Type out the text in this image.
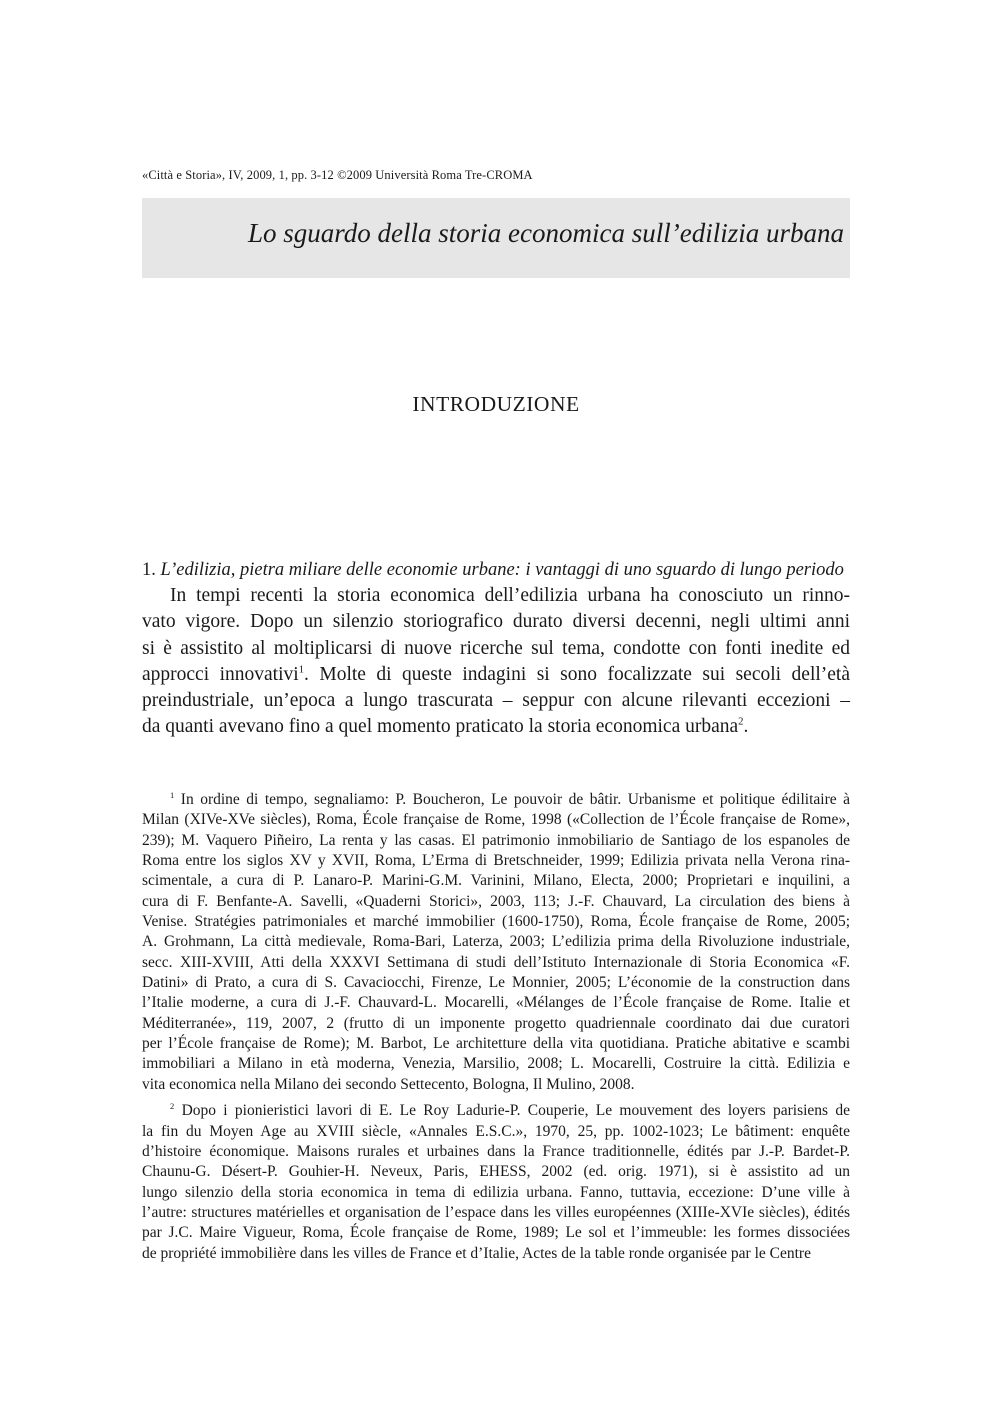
«Città e Storia», IV, 2009, 1, pp. 3-12 ©2009 Università Roma Tre-CROMA
Lo sguardo della storia economica sull’edilizia urbana
INTRODUZIONE
1. L’edilizia, pietra miliare delle economie urbane: i vantaggi di uno sguardo di lungo periodo
In tempi recenti la storia economica dell’edilizia urbana ha conosciuto un rinno-
vato vigore. Dopo un silenzio storiografico durato diversi decenni, negli ultimi anni
si è assistito al moltiplicarsi di nuove ricerche sul tema, condotte con fonti inedite ed
approcci innovativi$^1$. Molte di queste indagini si sono focalizzate sui secoli dell’età
preindustriale, un’epoca a lungo trascurata – seppur con alcune rilevanti eccezioni –
da quanti avevano fino a quel momento praticato la storia economica urbana$^2$.
$^1$ In ordine di tempo, segnaliamo: P. Boucheron, Le pouvoir de bâtir. Urbanisme et politique édilitaire à
Milan (XIVe-XVe siècles), Roma, École française de Rome, 1998 («Collection de l’École française de Rome»,
239); M. Vaquero Piñeiro, La renta y las casas. El patrimonio inmobiliario de Santiago de los espanoles de
Roma entre los siglos XV y XVII, Roma, L’Erma di Bretschneider, 1999; Edilizia privata nella Verona rina-
scimentale, a cura di P. Lanaro-P. Marini-G.M. Varinini, Milano, Electa, 2000; Proprietari e inquilini, a
cura di F. Benfante-A. Savelli, «Quaderni Storici», 2003, 113; J.-F. Chauvard, La circulation des biens à
Venise. Stratégies patrimoniales et marché immobilier (1600-1750), Roma, École française de Rome, 2005;
A. Grohmann, La città medievale, Roma-Bari, Laterza, 2003; L’edilizia prima della Rivoluzione industriale,
secc. XIII-XVIII, Atti della XXXVI Settimana di studi dell’Istituto Internazionale di Storia Economica «F.
Datini» di Prato, a cura di S. Cavaciocchi, Firenze, Le Monnier, 2005; L’économie de la construction dans
l’Italie moderne, a cura di J.-F. Chauvard-L. Mocarelli, «Mélanges de l’École française de Rome. Italie et
Méditerranée», 119, 2007, 2 (frutto di un imponente progetto quadriennale coordinato dai due curatori
per l’École française de Rome); M. Barbot, Le architetture della vita quotidiana. Pratiche abitative e scambi
immobiliari a Milano in età moderna, Venezia, Marsilio, 2008; L. Mocarelli, Costruire la città. Edilizia e
vita economica nella Milano dei secondo Settecento, Bologna, Il Mulino, 2008.
$^2$ Dopo i pionieristici lavori di E. Le Roy Ladurie-P. Couperie, Le mouvement des loyers parisiens de
la fin du Moyen Age au XVIII siècle, «Annales E.S.C.», 1970, 25, pp. 1002-1023; Le bâtiment: enquête
d’histoire économique. Maisons rurales et urbaines dans la France traditionnelle, édités par J.-P. Bardet-P.
Chaunu-G. Désert-P. Gouhier-H. Neveux, Paris, EHESS, 2002 (ed. orig. 1971), si è assistito ad un
lungo silenzio della storia economica in tema di edilizia urbana. Fanno, tuttavia, eccezione: D’une ville à
l’autre: structures matérielles et organisation de l’espace dans les villes européennes (XIIIe-XVIe siècles), édités
par J.C. Maire Vigueur, Roma, École française de Rome, 1989; Le sol et l’immeuble: les formes dissociées
de propriété immobilière dans les villes de France et d’Italie, Actes de la table ronde organisée par le Centre
